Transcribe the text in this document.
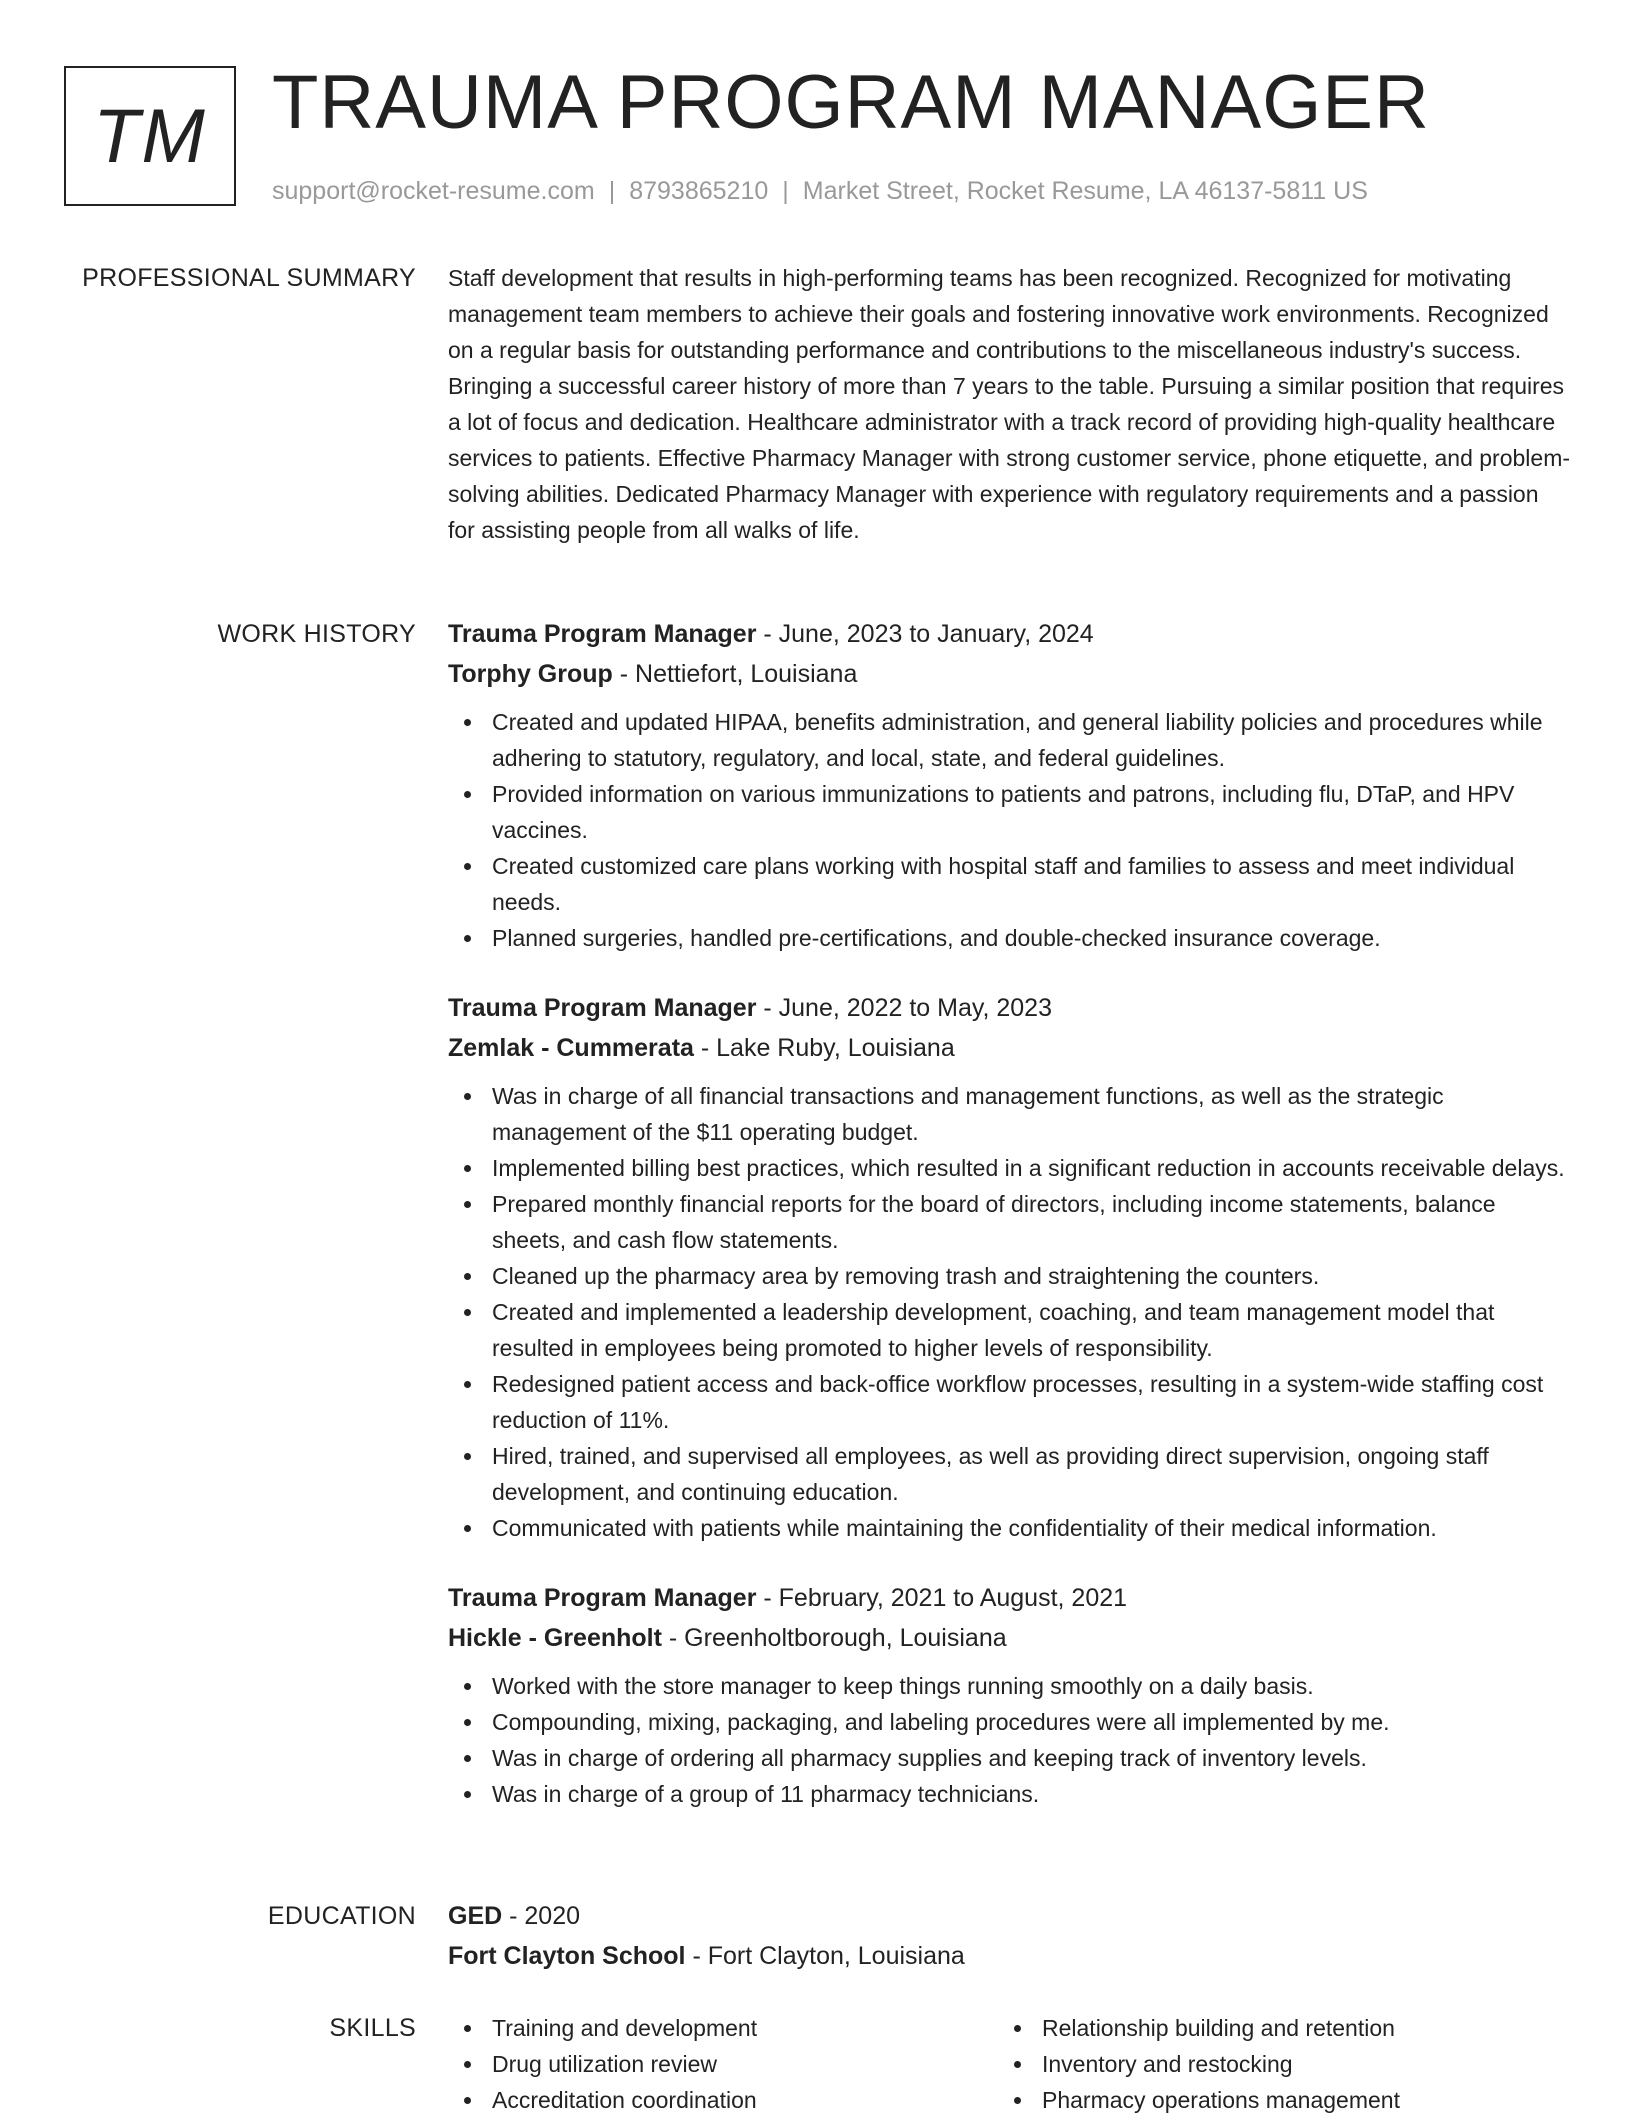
TM TRAUMA PROGRAM MANAGER
support@rocket-resume.com | 8793865210 | Market Street, Rocket Resume, LA 46137-5811 US
PROFESSIONAL SUMMARY Staff development that results in high-performing teams has been recognized. Recognized for motivating management team members to achieve their goals and fostering innovative work environments. Recognized on a regular basis for outstanding performance and contributions to the miscellaneous industry's success. Bringing a successful career history of more than 7 years to the table. Pursuing a similar position that requires a lot of focus and dedication. Healthcare administrator with a track record of providing high-quality healthcare services to patients. Effective Pharmacy Manager with strong customer service, phone etiquette, and problem-solving abilities. Dedicated Pharmacy Manager with experience with regulatory requirements and a passion for assisting people from all walks of life.

WORK HISTORY Trauma Program Manager - June, 2023 to January, 2024
Torphy Group - Nettiefort, Louisiana
Created and updated HIPAA, benefits administration, and general liability policies and procedures while adhering to statutory, regulatory, and local, state, and federal guidelines.
Provided information on various immunizations to patients and patrons, including flu, DTaP, and HPV vaccines.
Created customized care plans working with hospital staff and families to assess and meet individual needs.
Planned surgeries, handled pre-certifications, and double-checked insurance coverage.
Trauma Program Manager - June, 2022 to May, 2023
Zemlak - Cummerata - Lake Ruby, Louisiana
Was in charge of all financial transactions and management functions, as well as the strategic management of the $11 operating budget.
Implemented billing best practices, which resulted in a significant reduction in accounts receivable delays.
Prepared monthly financial reports for the board of directors, including income statements, balance sheets, and cash flow statements.
Cleaned up the pharmacy area by removing trash and straightening the counters.
Created and implemented a leadership development, coaching, and team management model that resulted in employees being promoted to higher levels of responsibility.
Redesigned patient access and back-office workflow processes, resulting in a system-wide staffing cost reduction of 11%.
Hired, trained, and supervised all employees, as well as providing direct supervision, ongoing staff development, and continuing education.
Communicated with patients while maintaining the confidentiality of their medical information.
Trauma Program Manager - February, 2021 to August, 2021
Hickle - Greenholt - Greenholtborough, Louisiana
Worked with the store manager to keep things running smoothly on a daily basis.
Compounding, mixing, packaging, and labeling procedures were all implemented by me.
Was in charge of ordering all pharmacy supplies and keeping track of inventory levels.
Was in charge of a group of 11 pharmacy technicians.
EDUCATION GED - 2020
Fort Clayton School - Fort Clayton, Louisiana
SKILLS	Training and development
Drug utilization review
Accreditation coordination
Relationship building and retention
Inventory and restocking
Pharmacy operations management
